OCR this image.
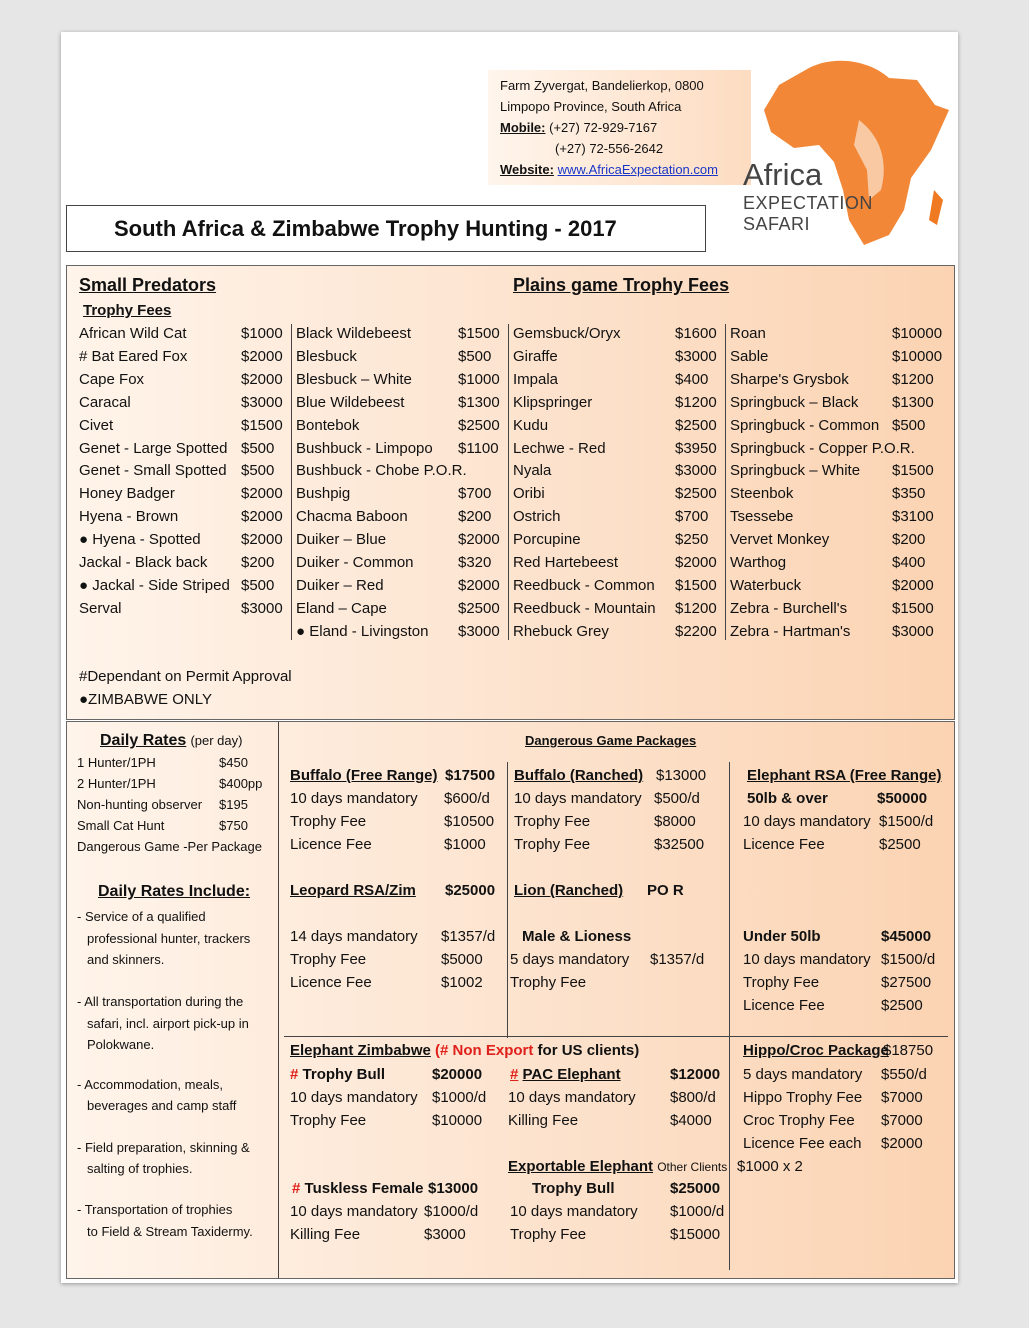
Farm Zyvergat, Bandelierkop, 0800
Limpopo Province, South Africa
Mobile: (+27) 72-929-7167
(+27) 72-556-2642
Website: www.AfricaExpectation.com Africa
EXPECTATION
SAFARI
South Africa & Zimbabwe Trophy Hunting - 2017
Small Predators
Trophy Fees
Plains game Trophy Fees
African Wild Cat	$1000
# Bat Eared Fox	$2000
Cape Fox	$2000
Caracal	$3000
Civet	$1500
Genet - Large Spotted $500
Genet - Small Spotted $500
Honey Badger	$2000
Hyena - Brown	$2000
● Hyena - Spotted	$2000
Jackal - Black back $200
● Jackal - Side Striped $500
Serval	$3000
Black Wildebeest	$1500
Blesbuck	$500
Blesbuck – White	$1000
Blue Wildebeest	$1300
Bontebok	$2500
Bushbuck - Limpopo $1100
Bushbuck - Chobe P.O.R.
Bushpig	$700
Chacma Baboon	$200
Duiker – Blue	$2000
Duiker - Common	$320
Duiker – Red	$2000
Eland – Cape	$2500
● Eland - Livingston $3000
Gemsbuck/Oryx	$1600
Giraffe	$3000
Impala	$400
Klipspringer	$1200
Kudu	$2500
Lechwe - Red	$3950
Nyala	$3000
Oribi	$2500
Ostrich	$700
Porcupine	$250
Red Hartebeest	$2000
Reedbuck - Common $1500
Reedbuck - Mountain $1200
Rhebuck Grey	$2200
Roan	$10000
Sable	$10000
Sharpe's Grysbok	$1200
Springbuck – Black $1300
Springbuck - Common $500
Springbuck - Copper P.O.R.
Springbuck – White $1500
Steenbok	$350
Tsessebe	$3100
Vervet Monkey	$200
Warthog	$400
Waterbuck	$2000
Zebra - Burchell's	$1500
Zebra - Hartman's	$3000
#Dependant on Permit Approval
●ZIMBABWE ONLY
Daily Rates (per day)
1 Hunter/1PH	$450
2 Hunter/1PH	$400pp
Non-hunting observer $195
Small Cat Hunt	$750
Dangerous Game -Per Package
Daily Rates Include:
- Service of a qualified
professional hunter, trackers
and skinners.
- All transportation during the
safari, incl. airport pick-up in
Polokwane.
- Accommodation, meals,
beverages and camp staff
- Field preparation, skinning &
salting of trophies.
- Transportation of trophies
to Field & Stream Taxidermy.
Dangerous Game Packages
Buffalo (Free Range) $17500
10 days mandatory $600/d
Trophy Fee	$10500
Licence Fee	$1000
Buffalo (Ranched) $13000
10 days mandatory $500/d
Trophy Fee	$8000
Trophy Fee	$32500
Elephant RSA (Free Range)
50lb & over	$50000
10 days mandatory $1500/d
Licence Fee	$2500
Leopard RSA/Zim $25000
14 days mandatory $1357/d
Trophy Fee	$5000
Licence Fee	$1002
Lion (Ranched) PO R
Male & Lioness
5 days mandatory $1357/d
Trophy Fee
Under 50lb	$45000
10 days mandatory $1500/d
Trophy Fee	$27500
Licence Fee	$2500
Elephant Zimbabwe (# Non Export for US clients)
# Trophy Bull	$20000
10 days mandatory $1000/d
Trophy Fee	$10000
# PAC Elephant	$12000
10 days mandatory $800/d
Killing Fee	$4000
# Tuskless Female $13000
10 days mandatory $1000/d
Killing Fee	$3000
Exportable Elephant Other Clients
Trophy Bull	$25000
10 days mandatory $1000/d
Trophy Fee	$15000
Hippo/Croc Package
$18750
5 days mandatory $550/d
Hippo Trophy Fee $7000
Croc Trophy Fee $7000
Licence Fee each $2000
$1000 x 2
